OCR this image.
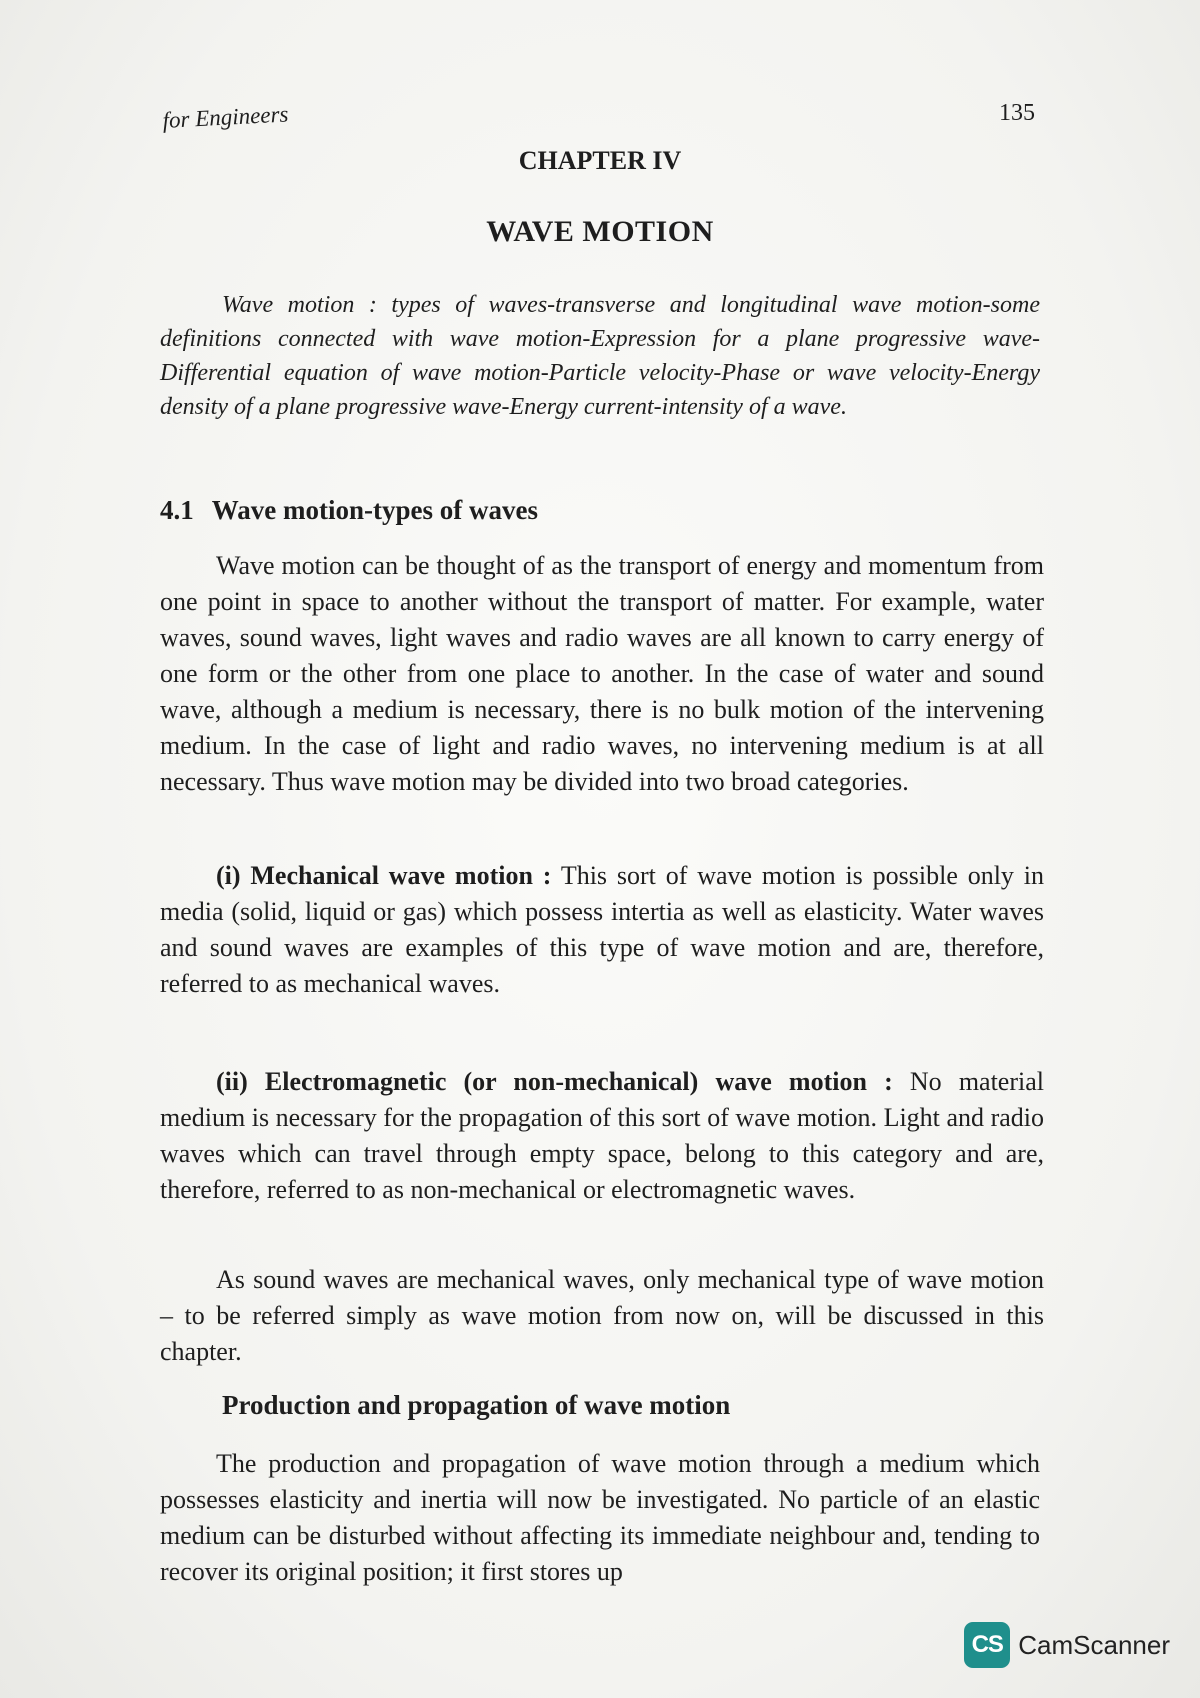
for Engineers	135
CHAPTER IV
WAVE MOTION

Wave motion : types of waves-transverse and longitudinal wave motion-some definitions connected with wave motion-Expression for a plane progressive wave-Differential equation of wave motion-Particle velocity-Phase or wave velocity-Energy density of a plane progressive wave-Energy current-intensity of a wave.

4.1 Wave motion-types of waves

Wave motion can be thought of as the transport of energy and momentum from one point in space to another without the transport of matter. For example, water waves, sound waves, light waves and radio waves are all known to carry energy of one form or the other from one place to another. In the case of water and sound wave, although a medium is necessary, there is no bulk motion of the intervening medium. In the case of light and radio waves, no intervening medium is at all necessary. Thus wave motion may be divided into two broad categories.

(i) Mechanical wave motion : This sort of wave motion is possible only in media (solid, liquid or gas) which possess intertia as well as elasticity. Water waves and sound waves are examples of this type of wave motion and are, therefore, referred to as mechanical waves.

(ii) Electromagnetic (or non-mechanical) wave motion : No material medium is necessary for the propagation of this sort of wave motion. Light and radio waves which can travel through empty space, belong to this category and are, therefore, referred to as non-mechanical or electromagnetic waves.

As sound waves are mechanical waves, only mechanical type of wave motion – to be referred simply as wave motion from now on, will be discussed in this chapter.

Production and propagation of wave motion

The production and propagation of wave motion through a medium which possesses elasticity and inertia will now be investigated. No particle of an elastic medium can be disturbed without affecting its immediate neighbour and, tending to recover its original position; it first stores up

CS CamScanner
